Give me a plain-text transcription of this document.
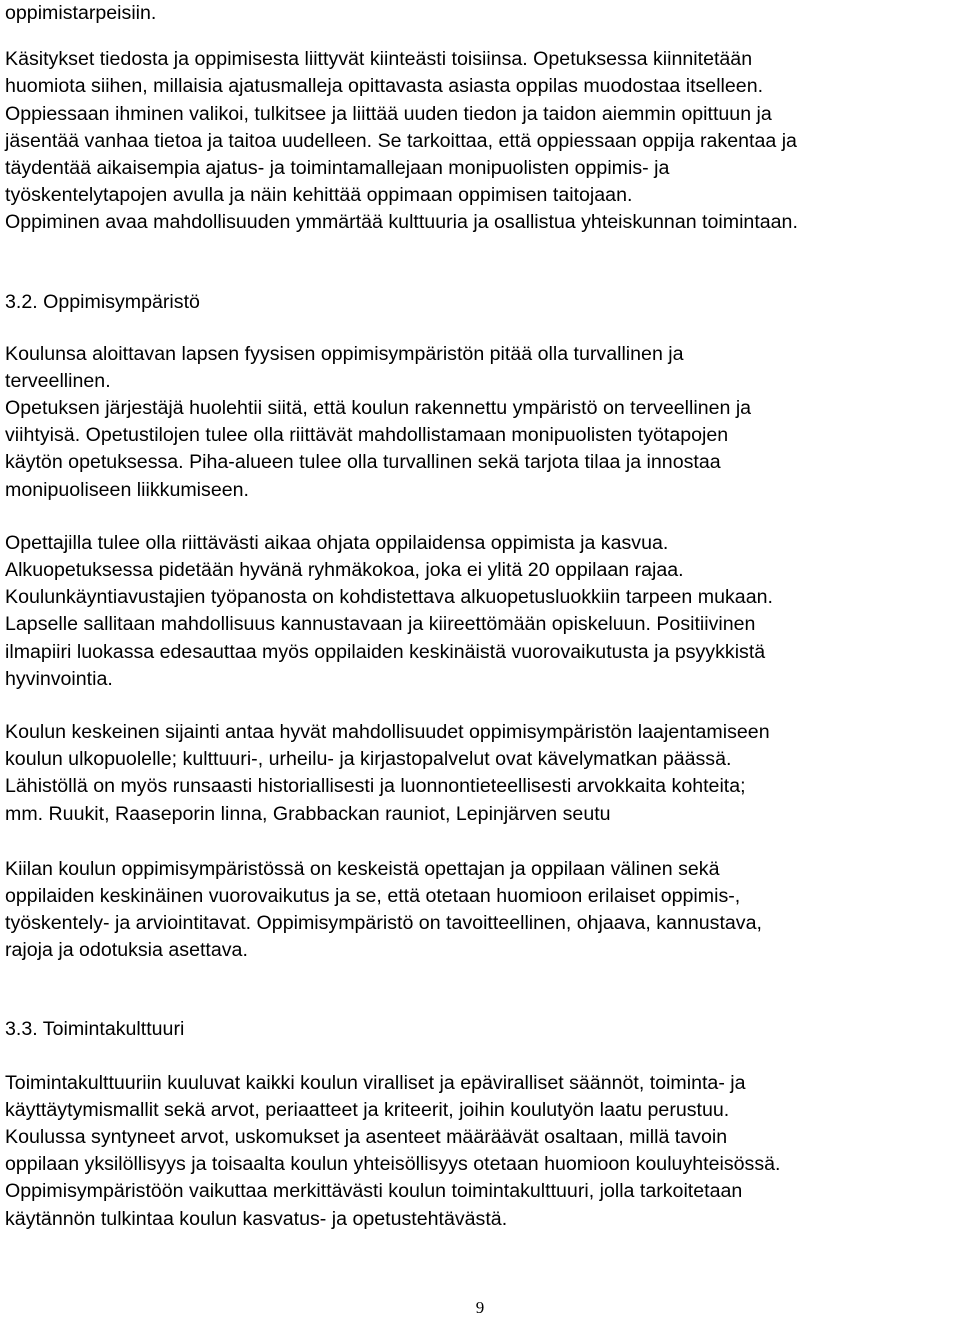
oppimistarpeisiin.
Käsitykset tiedosta ja oppimisesta liittyvät kiinteästi toisiinsa. Opetuksessa kiinnitetään
huomiota siihen, millaisia ajatusmalleja opittavasta asiasta oppilas muodostaa itselleen.
Oppiessaan ihminen valikoi, tulkitsee ja liittää uuden tiedon ja taidon aiemmin opittuun ja
jäsentää vanhaa tietoa ja taitoa uudelleen. Se tarkoittaa, että oppiessaan oppija rakentaa ja
täydentää aikaisempia ajatus- ja toimintamallejaan monipuolisten oppimis- ja
työskentelytapojen avulla ja näin kehittää oppimaan oppimisen taitojaan.
Oppiminen avaa mahdollisuuden ymmärtää kulttuuria ja osallistua yhteiskunnan toimintaan.
3.2. Oppimisympäristö
Koulunsa aloittavan lapsen fyysisen oppimisympäristön pitää olla turvallinen ja
terveellinen.
Opetuksen järjestäjä huolehtii siitä, että koulun rakennettu ympäristö on terveellinen ja
viihtyisä. Opetustilojen tulee olla riittävät mahdollistamaan monipuolisten työtapojen
käytön opetuksessa. Piha-alueen tulee olla turvallinen sekä tarjota tilaa ja innostaa
monipuoliseen liikkumiseen.
Opettajilla tulee olla riittävästi aikaa ohjata oppilaidensa oppimista ja kasvua.
Alkuopetuksessa pidetään hyvänä ryhmäkokoa, joka ei ylitä 20 oppilaan rajaa.
Koulunkäyntiavustajien työpanosta on kohdistettava alkuopetusluokkiin tarpeen mukaan.
Lapselle sallitaan mahdollisuus kannustavaan ja kiireettömään opiskeluun. Positiivinen
ilmapiiri luokassa edesauttaa myös oppilaiden keskinäistä vuorovaikutusta ja psyykkistä
hyvinvointia.
Koulun keskeinen sijainti antaa hyvät mahdollisuudet oppimisympäristön laajentamiseen
koulun ulkopuolelle; kulttuuri-, urheilu- ja kirjastopalvelut ovat kävelymatkan päässä.
Lähistöllä on myös runsaasti historiallisesti ja luonnontieteellisesti arvokkaita kohteita;
mm. Ruukit, Raaseporin linna, Grabbackan rauniot, Lepinjärven seutu
Kiilan koulun oppimisympäristössä on keskeistä opettajan ja oppilaan välinen sekä
oppilaiden keskinäinen vuorovaikutus ja se, että otetaan huomioon erilaiset oppimis-,
työskentely- ja arviointitavat. Oppimisympäristö on tavoitteellinen, ohjaava, kannustava,
rajoja ja odotuksia asettava.
3.3. Toimintakulttuuri
Toimintakulttuuriin kuuluvat kaikki koulun viralliset ja epäviralliset säännöt, toiminta- ja
käyttäytymismallit sekä arvot, periaatteet ja kriteerit, joihin koulutyön laatu perustuu.
Koulussa syntyneet arvot, uskomukset ja asenteet määräävät osaltaan, millä tavoin
oppilaan yksilöllisyys ja toisaalta koulun yhteisöllisyys otetaan huomioon kouluyhteisössä.
Oppimisympäristöön vaikuttaa merkittävästi koulun toimintakulttuuri, jolla tarkoitetaan
käytännön tulkintaa koulun kasvatus- ja opetustehtävästä.
9
